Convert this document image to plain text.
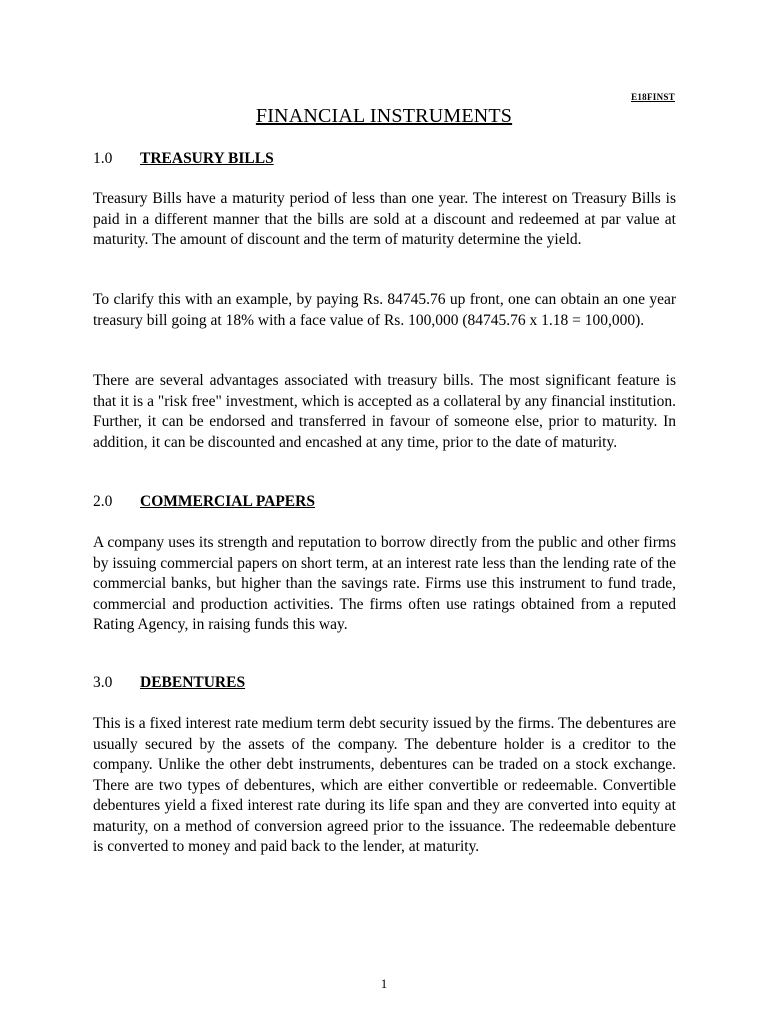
E18FINST
FINANCIAL INSTRUMENTS
1.0 TREASURY BILLS

Treasury Bills have a maturity period of less than one year. The interest on Treasury Bills is paid in a different manner that the bills are sold at a discount and redeemed at par value at maturity. The amount of discount and the term of maturity determine the yield.

To clarify this with an example, by paying Rs. 84745.76 up front, one can obtain an one year treasury bill going at 18% with a face value of Rs. 100,000 (84745.76 x 1.18 = 100,000).

There are several advantages associated with treasury bills. The most significant feature is that it is a "risk free" investment, which is accepted as a collateral by any financial institution. Further, it can be endorsed and transferred in favour of someone else, prior to maturity. In addition, it can be discounted and encashed at any time, prior to the date of maturity.

2.0 COMMERCIAL PAPERS

A company uses its strength and reputation to borrow directly from the public and other firms by issuing commercial papers on short term, at an interest rate less than the lending rate of the commercial banks, but higher than the savings rate. Firms use this instrument to fund trade, commercial and production activities. The firms often use ratings obtained from a reputed Rating Agency, in raising funds this way.

3.0 DEBENTURES

This is a fixed interest rate medium term debt security issued by the firms. The debentures are usually secured by the assets of the company. The debenture holder is a creditor to the company. Unlike the other debt instruments, debentures can be traded on a stock exchange. There are two types of debentures, which are either convertible or redeemable. Convertible debentures yield a fixed interest rate during its life span and they are converted into equity at maturity, on a method of conversion agreed prior to the issuance. The redeemable debenture is converted to money and paid back to the lender, at maturity.

1
